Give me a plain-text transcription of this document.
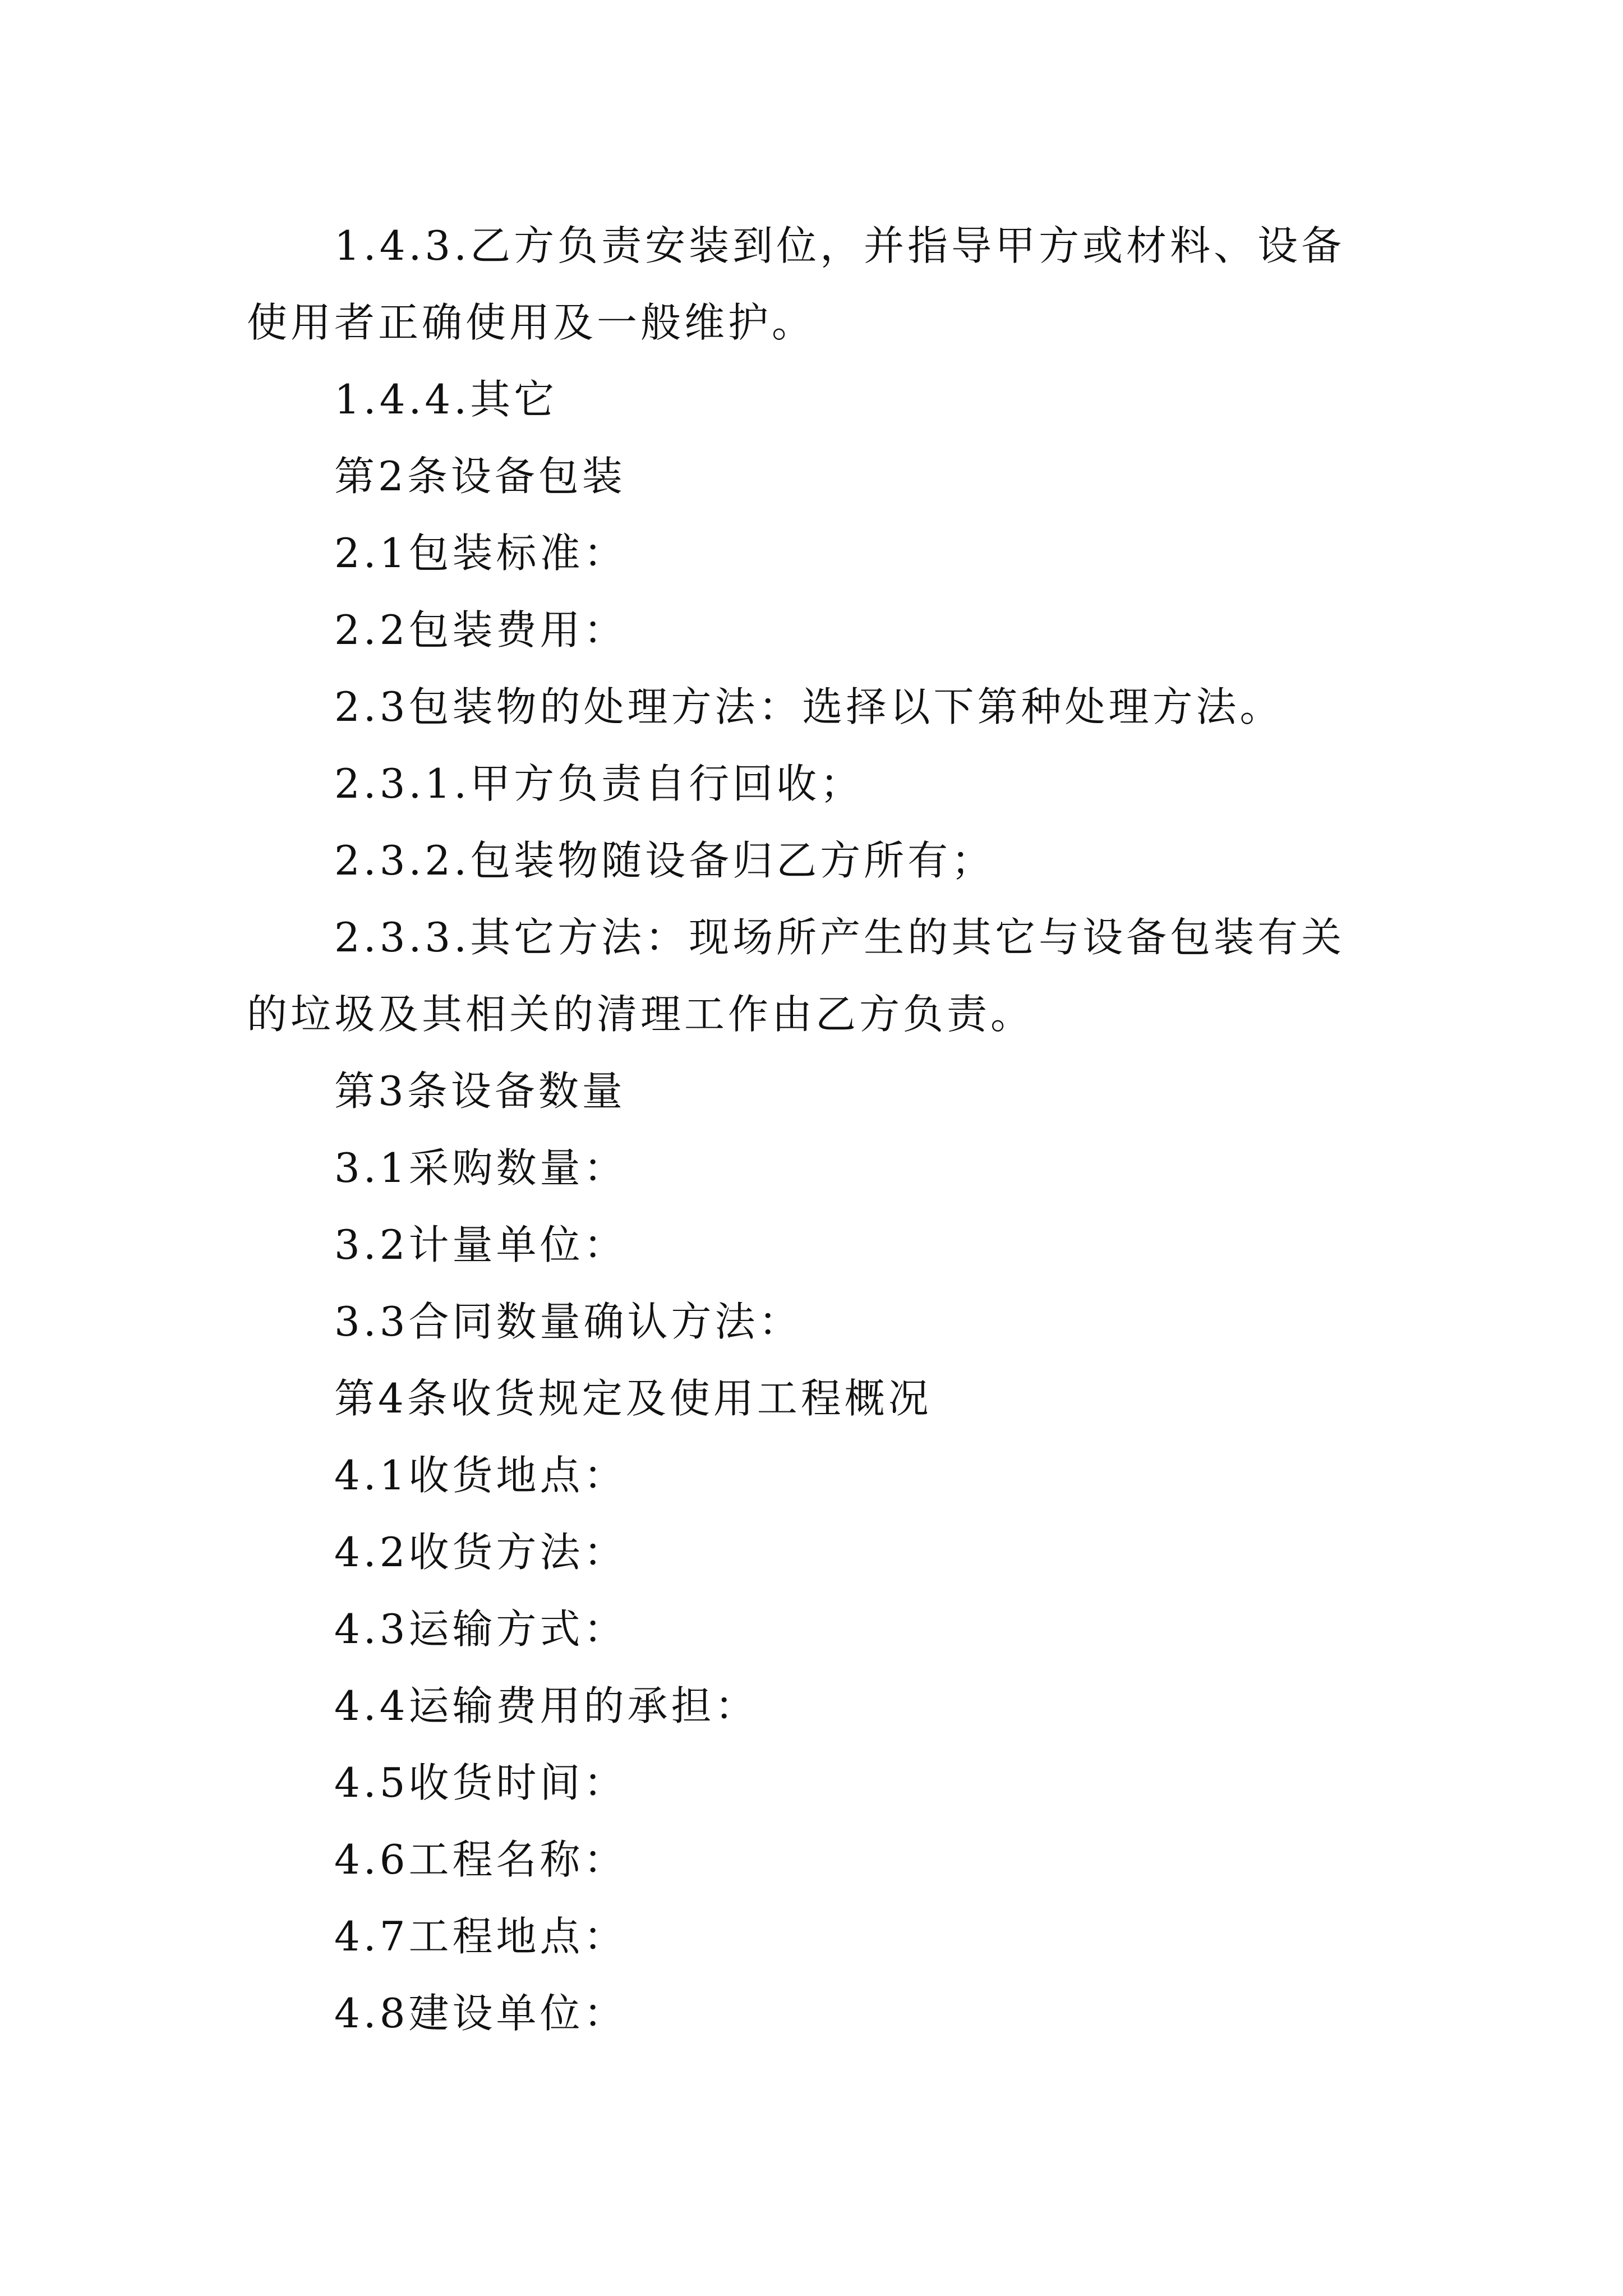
1.4.3.乙方负责安装到位，并指导甲方或材料、设备使用者正确使用及一般维护。

1.4.4.其它

第2条设备包装

2.1包装标准：

2.2包装费用：

2.3包装物的处理方法：选择以下第种处理方法。

2.3.1.甲方负责自行回收；

2.3.2.包装物随设备归乙方所有；

2.3.3.其它方法：现场所产生的其它与设备包装有关的垃圾及其相关的清理工作由乙方负责。

第3条设备数量

3.1采购数量：

3.2计量单位：

3.3合同数量确认方法：

第4条收货规定及使用工程概况

4.1收货地点：

4.2收货方法：

4.3运输方式：

4.4运输费用的承担：

4.5收货时间：

4.6工程名称：

4.7工程地点：

4.8建设单位：
